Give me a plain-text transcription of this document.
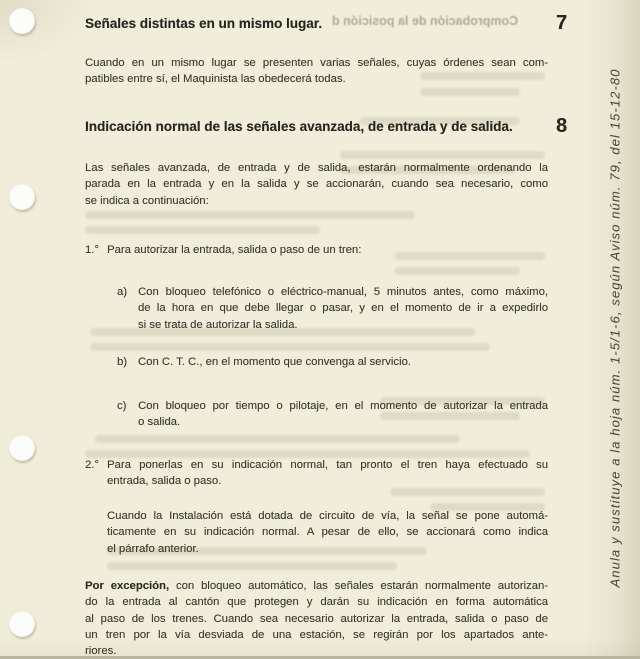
Comprobación de la posición d
Señales distintas en un mismo lugar.	7
Cuando en un mismo lugar se presenten varias señales, cuyas órdenes sean com-
patibles entre sí, el Maquinista las obedecerá todas.
Indicación normal de las señales avanzada, de entrada y de salida. 8
Las señales avanzada, de entrada y de salida, estarán normalmente ordenando la
parada en la entrada y en la salida y se accionarán, cuando sea necesario, como
se indica a continuación:
1.° Para autorizar la entrada, salida o paso de un tren:
a) Con bloqueo telefónico o eléctrico-manual, 5 minutos antes, como máximo,
de la hora en que debe llegar o pasar, y en el momento de ir a expedirlo
si se trata de autorizar la salida.
b) Con C. T. C., en el momento que convenga al servicio.
c) Con bloqueo por tiempo o pilotaje, en el momento de autorizar la entrada
o salida.
2.° Para ponerlas en su indicación normal, tan pronto el tren haya efectuado su
entrada, salida o paso.
Cuando la Instalación está dotada de circuito de vía, la señal se pone automá-
ticamente en su indicación normal. A pesar de ello, se accionará como indica
el párrafo anterior.
Por excepción, con bloqueo automático, las señales estarán normalmente autorizan-
do la entrada al cantón que protegen y darán su indicación en forma automática
al paso de los trenes. Cuando sea necesario autorizar la entrada, salida o paso de
un tren por la vía desviada de una estación, se regirán por los apartados ante-
riores.
Anula y sustituye a la hoja núm. 1-5/1-6, según Aviso núm. 79, del 15-12-80
